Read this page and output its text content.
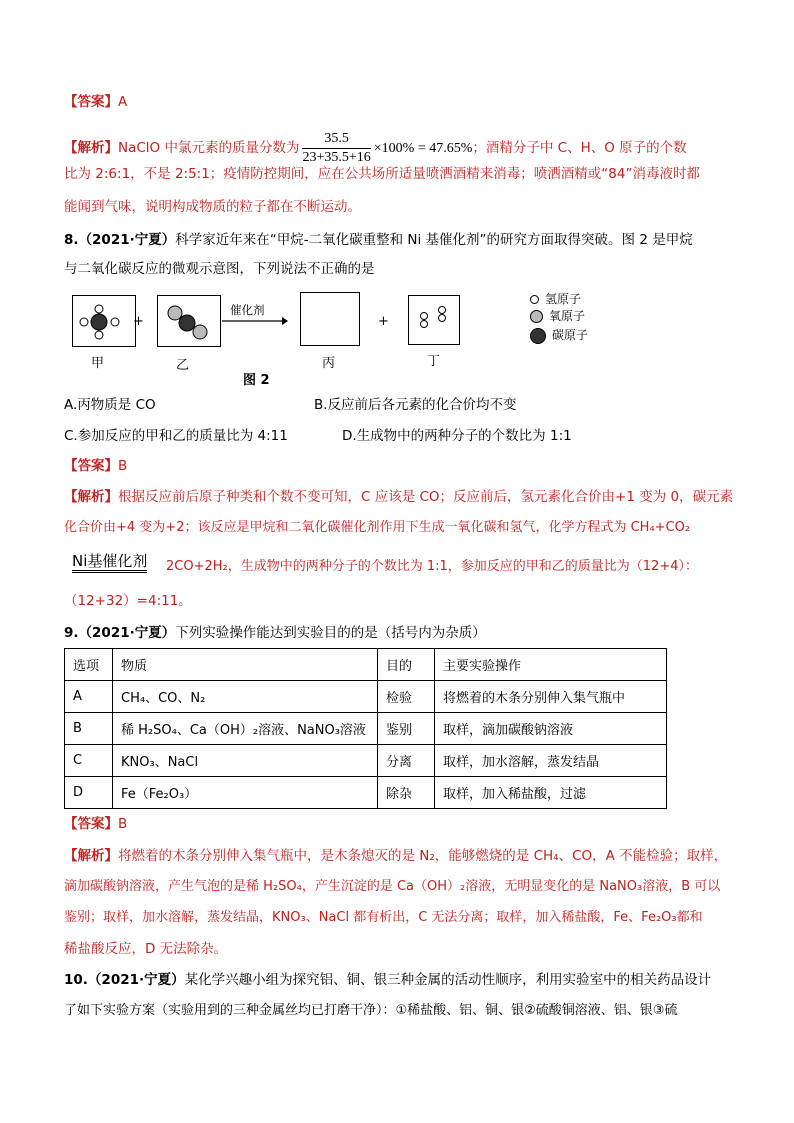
【答案】A
【解析】NaClO 中氯元素的质量分数为 $\frac{35.5}{23+35.5+16} \times 100\% = 47.65\%$；酒精分子中 C、H、O 原子的个数
比为 2:6:1，不是 2:5:1；疫情防控期间，应在公共场所适量喷洒酒精来消毒；喷洒酒精或“84”消毒液时都
能闻到气味，说明构成物质的粒子都在不断运动。
8.（2021·宁夏）科学家近年来在“甲烷-二氧化碳重整和 Ni 基催化剂”的研究方面取得突破。图 2 是甲烷
与二氧化碳反应的微观示意图，下列说法不正确的是
+
催化剂
+
甲	乙	丙	丁
图 2
氢原子
氧原子
碳原子
A.丙物质是 CO	B.反应前后各元素的化合价均不变
C.参加反应的甲和乙的质量比为 4:11	D.生成物中的两种分子的个数比为 1:1
【答案】B
【解析】根据反应前后原子种类和个数不变可知，C 应该是 CO；反应前后，氢元素化合价由+1 变为 0，碳元素
化合价由+4 变为+2；该反应是甲烷和二氧化碳催化剂作用下生成一氧化碳和氢气，化学方程式为 CH₄+CO₂
Ni基催化剂 2CO+2H₂，生成物中的两种分子的个数比为 1:1，参加反应的甲和乙的质量比为（12+4）：
（12+32）=4:11。
9.（2021·宁夏）下列实验操作能达到实验目的的是（括号内为杂质）
选项	物质	目的	主要实验操作
A	CH₄、CO、N₂	检验	将燃着的木条分别伸入集气瓶中
B	稀 H₂SO₄、Ca（OH）₂溶液、NaNO₃溶液	鉴别	取样，滴加碳酸钠溶液
C	KNO₃、NaCl	分离	取样，加水溶解，蒸发结晶
D	Fe（Fe₂O₃）	除杂	取样，加入稀盐酸，过滤
【答案】B
【解析】将燃着的木条分别伸入集气瓶中，是木条熄灭的是 N₂，能够燃烧的是 CH₄、CO，A 不能检验；取样，
滴加碳酸钠溶液，产生气泡的是稀 H₂SO₄，产生沉淀的是 Ca（OH）₂溶液，无明显变化的是 NaNO₃溶液，B 可以
鉴别；取样，加水溶解，蒸发结晶，KNO₃、NaCl 都有析出，C 无法分离；取样，加入稀盐酸，Fe、Fe₂O₃都和
稀盐酸反应，D 无法除杂。
10.（2021·宁夏）某化学兴趣小组为探究铝、铜、银三种金属的活动性顺序，利用实验室中的相关药品设计
了如下实验方案（实验用到的三种金属丝均已打磨干净）：①稀盐酸、铝、铜、银②硫酸铜溶液、铝、银③硫
